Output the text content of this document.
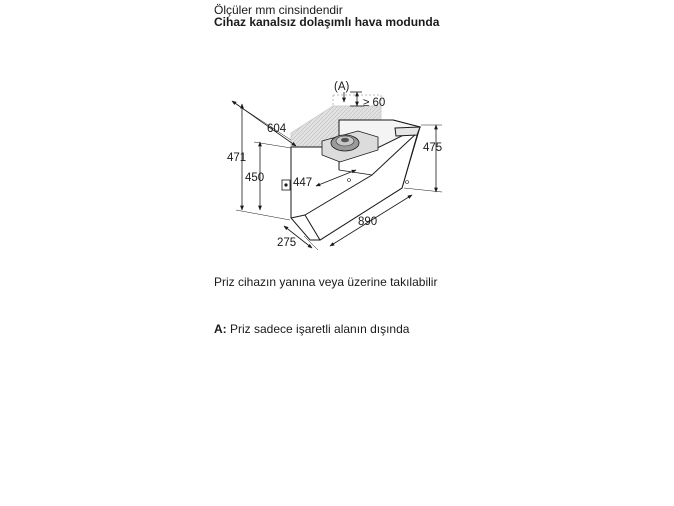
Ölçüler mm cinsindendir
Cihaz kanalsız dolaşımlı hava modunda
(A)
≥ 60
604
471
450	447
475
890
275
Priz cihazın yanına veya üzerine takılabilir
A: Priz sadece işaretli alanın dışında
